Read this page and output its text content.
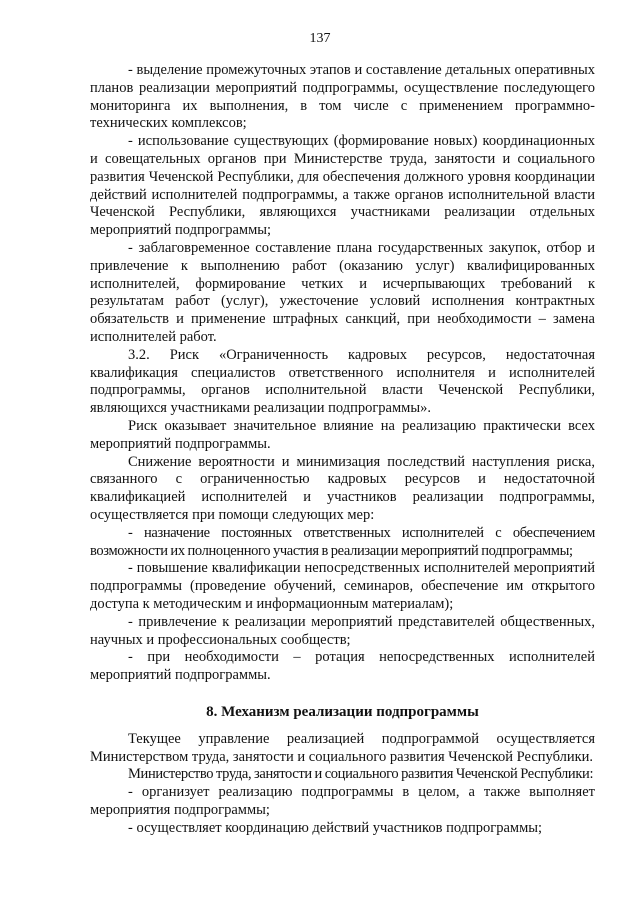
137

- выделение промежуточных этапов и составление детальных оперативных планов реализации мероприятий подпрограммы, осуществление последующего мониторинга их выполнения, в том числе с применением программно-технических комплексов;

- использование существующих (формирование новых) координационных и совещательных органов при Министерстве труда, занятости и социального развития Чеченской Республики, для обеспечения должного уровня координации действий исполнителей подпрограммы, а также органов исполнительной власти Чеченской Республики, являющихся участниками реализации отдельных мероприятий подпрограммы;

- заблаговременное составление плана государственных закупок, отбор и привлечение к выполнению работ (оказанию услуг) квалифицированных исполнителей, формирование четких и исчерпывающих требований к результатам работ (услуг), ужесточение условий исполнения контрактных обязательств и применение штрафных санкций, при необходимости – замена исполнителей работ.

3.2. Риск «Ограниченность кадровых ресурсов, недостаточная квалификация специалистов ответственного исполнителя и исполнителей подпрограммы, органов исполнительной власти Чеченской Республики, являющихся участниками реализации подпрограммы».

Риск оказывает значительное влияние на реализацию практически всех мероприятий подпрограммы.

Снижение вероятности и минимизация последствий наступления риска, связанного с ограниченностью кадровых ресурсов и недостаточной квалификацией исполнителей и участников реализации подпрограммы, осуществляется при помощи следующих мер:

- назначение постоянных ответственных исполнителей с обеспечением возможности их полноценного участия в реализации мероприятий подпрограммы;

- повышение квалификации непосредственных исполнителей мероприятий подпрограммы (проведение обучений, семинаров, обеспечение им открытого доступа к методическим и информационным материалам);

- привлечение к реализации мероприятий представителей общественных, научных и профессиональных сообществ;

- при необходимости – ротация непосредственных исполнителей мероприятий подпрограммы.

8. Механизм реализации подпрограммы

Текущее управление реализацией подпрограммой осуществляется Министерством труда, занятости и социального развития Чеченской Республики.

Министерство труда, занятости и социального развития Чеченской Республики:

- организует реализацию подпрограммы в целом, а также выполняет мероприятия подпрограммы;

- осуществляет координацию действий участников подпрограммы;
